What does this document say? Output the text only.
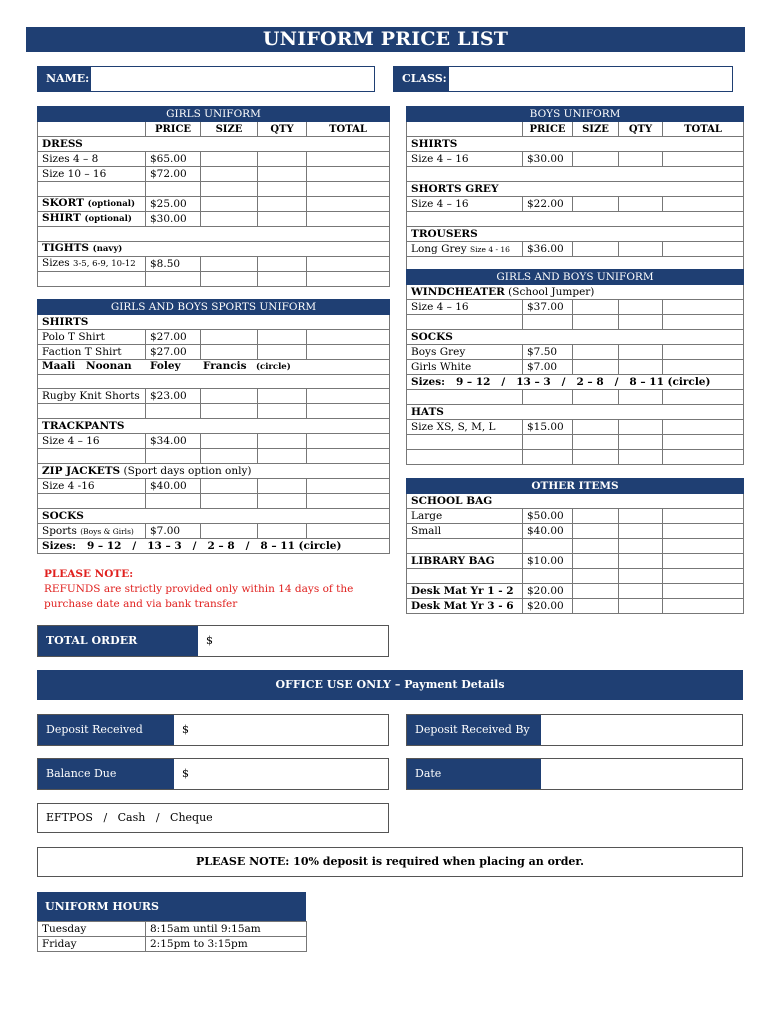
UNIFORM PRICE LIST
NAME:	CLASS:
GIRLS UNIFORM				
	PRICE	SIZE	QTY	TOTAL
DRESS				
Sizes 4 – 8	$65.00			
Size 10 – 16	$72.00			

SKORT (optional)	$25.00			
SHIRT (optional)	$30.00			

TIGHTS (navy)				
Sizes 3-5, 6-9, 10-12	$8.50			

GIRLS AND BOYS SPORTS UNIFORM				
SHIRTS				
Polo T Shirt	$27.00			
Faction T Shirt	$27.00			
Maali Noonan Foley Francis (circle)				

Rugby Knit Shorts	$23.00			

TRACKPANTS				
Size 4 – 16	$34.00			

ZIP JACKETS (Sport days option only)				
Size 4 -16	$40.00			

SOCKS				
Sports (Boys & Girls)	$7.00			
Sizes:   9 – 12   /   13 – 3   /   2 – 8   /   8 – 11 (circle)				
BOYS UNIFORM				
	PRICE	SIZE	QTY	TOTAL
SHIRTS				
Size 4 – 16	$30.00			

SHORTS GREY				
Size 4 – 16	$22.00			

TROUSERS				
Long Grey Size 4 - 16	$36.00			

GIRLS AND BOYS UNIFORM				
WINDCHEATER (School Jumper)				
Size 4 – 16	$37.00			

SOCKS				
Boys Grey	$7.50			
Girls White	$7.00			
Sizes:   9 – 12   /   13 – 3   /   2 – 8   /   8 – 11 (circle)				

HATS				
Size XS, S, M, L	$15.00			

OTHER ITEMS				
SCHOOL BAG				
Large	$50.00			
Small	$40.00			

LIBRARY BAG	$10.00			

Desk Mat Yr 1 - 2	$20.00			
Desk Mat Yr 3 - 6	$20.00			
PLEASE NOTE:
REFUNDS are strictly provided only within 14 days of the
purchase date and via bank transfer
TOTAL ORDER	$
OFFICE USE ONLY – Payment Details
Deposit Received	$	Deposit Received By
Balance Due	$	Date
EFTPOS   /   Cash   /   Cheque
PLEASE NOTE: 10% deposit is required when placing an order.
UNIFORM HOURS
Tuesday	8:15am until 9:15am
Friday	2:15pm to 3:15pm
